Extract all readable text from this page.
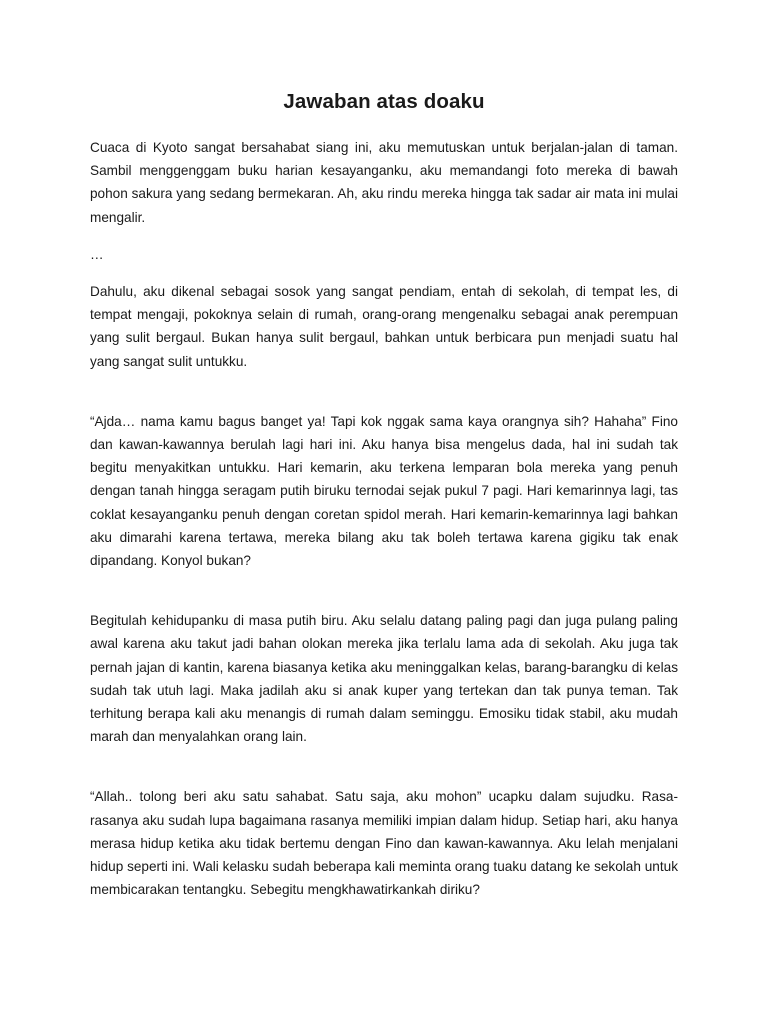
Jawaban atas doaku

Cuaca di Kyoto sangat bersahabat siang ini, aku memutuskan untuk berjalan-jalan di taman. Sambil menggenggam buku harian kesayanganku, aku memandangi foto mereka di bawah pohon sakura yang sedang bermekaran. Ah, aku rindu mereka hingga tak sadar air mata ini mulai mengalir.

…

Dahulu, aku dikenal sebagai sosok yang sangat pendiam, entah di sekolah, di tempat les, di tempat mengaji, pokoknya selain di rumah, orang-orang mengenalku sebagai anak perempuan yang sulit bergaul. Bukan hanya sulit bergaul, bahkan untuk berbicara pun menjadi suatu hal yang sangat sulit untukku.

“Ajda… nama kamu bagus banget ya! Tapi kok nggak sama kaya orangnya sih? Hahaha” Fino dan kawan-kawannya berulah lagi hari ini. Aku hanya bisa mengelus dada, hal ini sudah tak begitu menyakitkan untukku. Hari kemarin, aku terkena lemparan bola mereka yang penuh dengan tanah hingga seragam putih biruku ternodai sejak pukul 7 pagi. Hari kemarinnya lagi, tas coklat kesayanganku penuh dengan coretan spidol merah. Hari kemarin-kemarinnya lagi bahkan aku dimarahi karena tertawa, mereka bilang aku tak boleh tertawa karena gigiku tak enak dipandang. Konyol bukan?

Begitulah kehidupanku di masa putih biru. Aku selalu datang paling pagi dan juga pulang paling awal karena aku takut jadi bahan olokan mereka jika terlalu lama ada di sekolah. Aku juga tak pernah jajan di kantin, karena biasanya ketika aku meninggalkan kelas, barang-barangku di kelas sudah tak utuh lagi. Maka jadilah aku si anak kuper yang tertekan dan tak punya teman. Tak terhitung berapa kali aku menangis di rumah dalam seminggu. Emosiku tidak stabil, aku mudah marah dan menyalahkan orang lain.

“Allah.. tolong beri aku satu sahabat. Satu saja, aku mohon” ucapku dalam sujudku. Rasa-rasanya aku sudah lupa bagaimana rasanya memiliki impian dalam hidup. Setiap hari, aku hanya merasa hidup ketika aku tidak bertemu dengan Fino dan kawan-kawannya. Aku lelah menjalani hidup seperti ini. Wali kelasku sudah beberapa kali meminta orang tuaku datang ke sekolah untuk membicarakan tentangku. Sebegitu mengkhawatirkankah diriku?
